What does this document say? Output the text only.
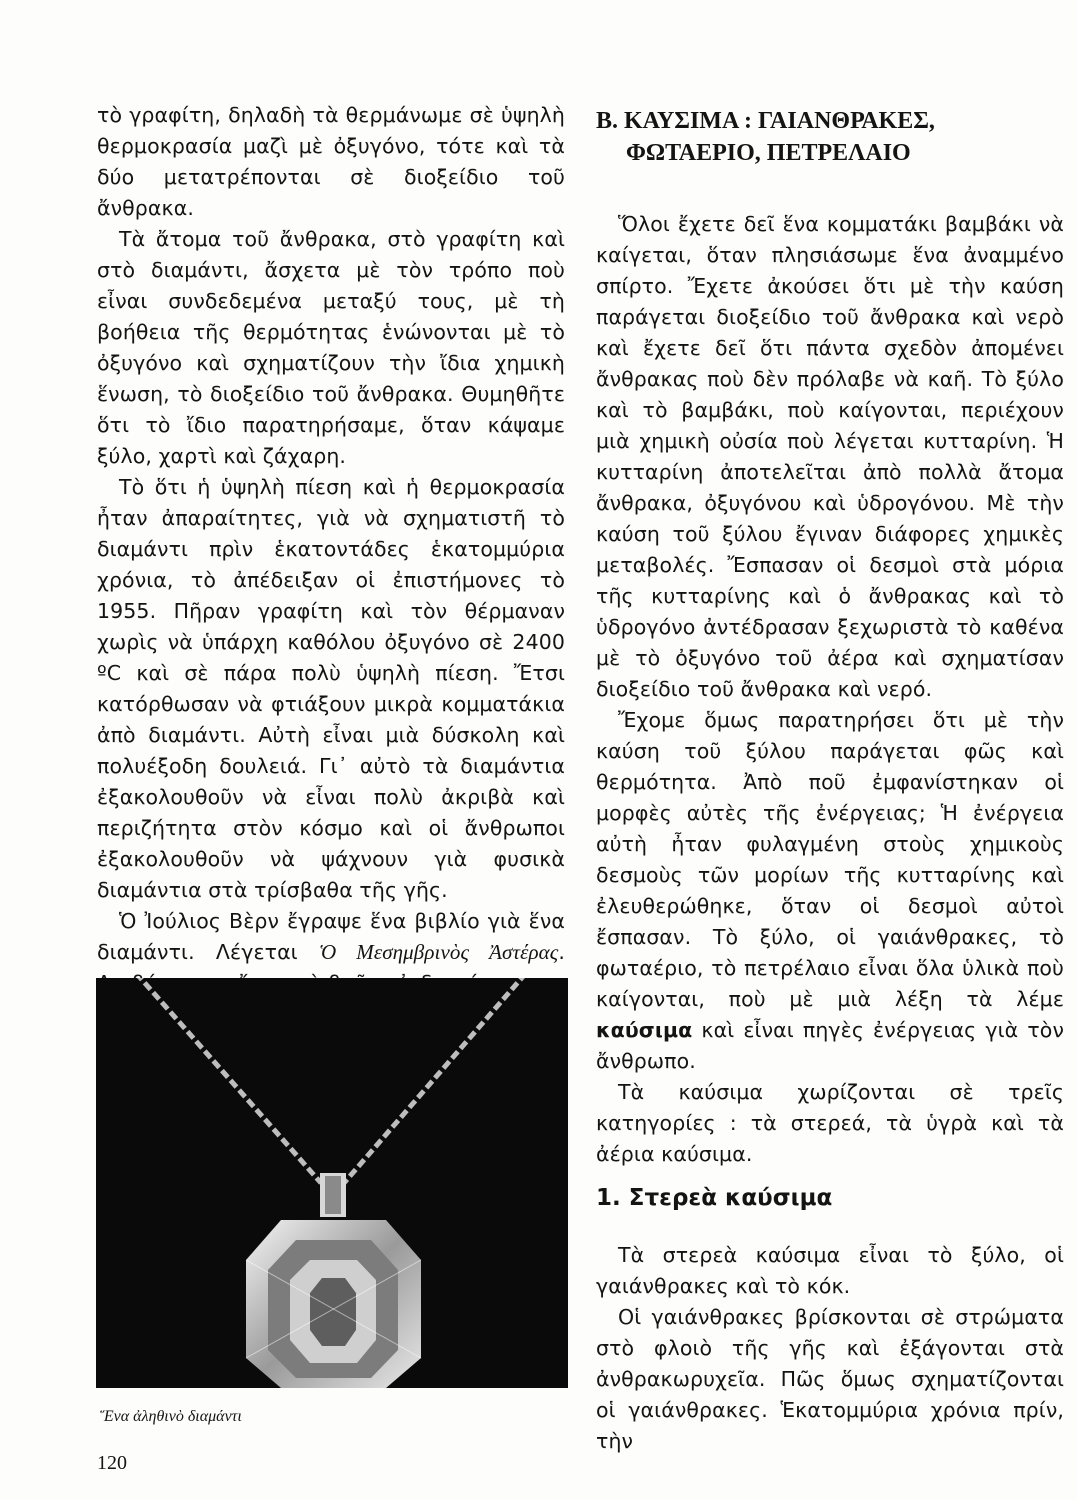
τὸ γραφίτη, δηλαδὴ τὰ θερμάνωμε σὲ ὑψηλὴ θερμοκρασία μαζὶ μὲ ὀξυγόνο, τότε καὶ τὰ δύο μετατρέπονται σὲ διοξείδιο τοῦ ἄνθρακα.

Τὰ ἄτομα τοῦ ἄνθρακα, στὸ γραφίτη καὶ στὸ διαμάντι, ἄσχετα μὲ τὸν τρόπο ποὺ εἶναι συνδεδεμένα μεταξύ τους, μὲ τὴ βοήθεια τῆς θερμότητας ἑνώνονται μὲ τὸ ὀξυγόνο καὶ σχηματίζουν τὴν ἴδια χημικὴ ἕνωση, τὸ διοξείδιο τοῦ ἄνθρακα. Θυμηθῆτε ὅτι τὸ ἴδιο παρατηρήσαμε, ὅταν κάψαμε ξύλο, χαρτὶ καὶ ζάχαρη.

Τὸ ὅτι ἡ ὑψηλὴ πίεση καὶ ἡ θερμοκρασία ἦταν ἀπαραίτητες, γιὰ νὰ σχηματιστῆ τὸ διαμάντι πρὶν ἑκατοντάδες ἑκατομμύρια χρόνια, τὸ ἀπέδειξαν οἱ ἐπιστήμονες τὸ 1955. Πῆραν γραφίτη καὶ τὸν θέρμαναν χωρὶς νὰ ὑπάρχη καθόλου ὀξυγόνο σὲ 2400 ºC καὶ σὲ πάρα πολὺ ὑψηλὴ πίεση. Ἔτσι κατόρθωσαν νὰ φτιάξουν μικρὰ κομματάκια ἀπὸ διαμάντι. Αὐτὴ εἶναι μιὰ δύσκολη καὶ πολυέξοδη δουλειά. Γι᾽ αὐτὸ τὰ διαμάντια ἐξακολουθοῦν νὰ εἶναι πολὺ ἀκριβὰ καὶ περιζήτητα στὸν κόσμο καὶ οἱ ἄνθρωποι ἐξακολουθοῦν νὰ ψάχνουν γιὰ φυσικὰ διαμάντια στὰ τρίσβαθα τῆς γῆς.

Ὁ Ἰούλιος Βὲρν ἔγραψε ἕνα βιβλίο γιὰ ἕνα διαμάντι. Λέγεται Ὁ Μεσημβρινὸς Ἀστέρας.

Ἕνα ἀληθινὸ διαμάντι
Β. ΚΑΥΣΙΜΑ : ΓΑΙΑΝΘΡΑΚΕΣ,
ΦΩΤΑΕΡΙΟ, ΠΕΤΡΕΛΑΙΟ

Ὅλοι ἔχετε δεῖ ἕνα κομματάκι βαμβάκι νὰ καίγεται, ὅταν πλησιάσωμε ἕνα ἀναμμένο σπίρτο. Ἔχετε ἀκούσει ὅτι μὲ τὴν καύση παράγεται διοξείδιο τοῦ ἄνθρακα καὶ νερὸ καὶ ἔχετε δεῖ ὅτι πάντα σχεδὸν ἀπομένει ἄνθρακας ποὺ δὲν πρόλαβε νὰ καῆ. Τὸ ξύλο καὶ τὸ βαμβάκι, ποὺ καίγονται, περιέχουν μιὰ χημικὴ οὐσία ποὺ λέγεται κυτταρίνη. Ἡ κυτταρίνη ἀποτελεῖται ἀπὸ πολλὰ ἄτομα ἄνθρακα, ὀξυγόνου καὶ ὑδρογόνου. Μὲ τὴν καύση τοῦ ξύλου ἔγιναν διάφορες χημικὲς μεταβολές. Ἔσπασαν οἱ δεσμοὶ στὰ μόρια τῆς κυτταρίνης καὶ ὁ ἄνθρακας καὶ τὸ ὑδρογόνο ἀντέδρασαν ξεχωριστὰ τὸ καθένα μὲ τὸ ὀξυγόνο τοῦ ἀέρα καὶ σχηματίσαν διοξείδιο τοῦ ἄνθρακα καὶ νερό.

Ἔχομε ὅμως παρατηρήσει ὅτι μὲ τὴν καύση τοῦ ξύλου παράγεται φῶς καὶ θερμότητα. Ἀπὸ ποῦ ἐμφανίστηκαν οἱ μορφὲς αὐτὲς τῆς ἐνέργειας; Ἡ ἐνέργεια αὐτὴ ἦταν φυλαγμένη στοὺς χημικοὺς δεσμοὺς τῶν μορίων τῆς κυτταρίνης καὶ ἐλευθερώθηκε, ὅταν οἱ δεσμοὶ αὐτοὶ ἔσπασαν. Τὸ ξύλο, οἱ γαιάνθρακες, τὸ φωταέριο, τὸ πετρέλαιο εἶναι ὅλα ὑλικὰ ποὺ καίγονται, ποὺ μὲ μιὰ λέξη τὰ λέμε καύσιμα καὶ εἶναι πηγὲς ἐνέργειας γιὰ τὸν ἄνθρωπο.

Τὰ καύσιμα χωρίζονται σὲ τρεῖς κατηγορίες : τὰ στερεά, τὰ ὑγρὰ καὶ τὰ ἀέρια καύσιμα.

1. Στερεὰ καύσιμα

Τὰ στερεὰ καύσιμα εἶναι τὸ ξύλο, οἱ γαιάνθρακες καὶ τὸ κόκ.

Οἱ γαιάνθρακες βρίσκονται σὲ στρώματα στὸ φλοιὸ τῆς γῆς καὶ ἐξάγονται στὰ ἀνθρακωρυχεῖα. Πῶς ὅμως σχηματίζονται οἱ γαιάνθρακες. Ἑκατομμύρια χρόνια πρίν, τὴν

120
